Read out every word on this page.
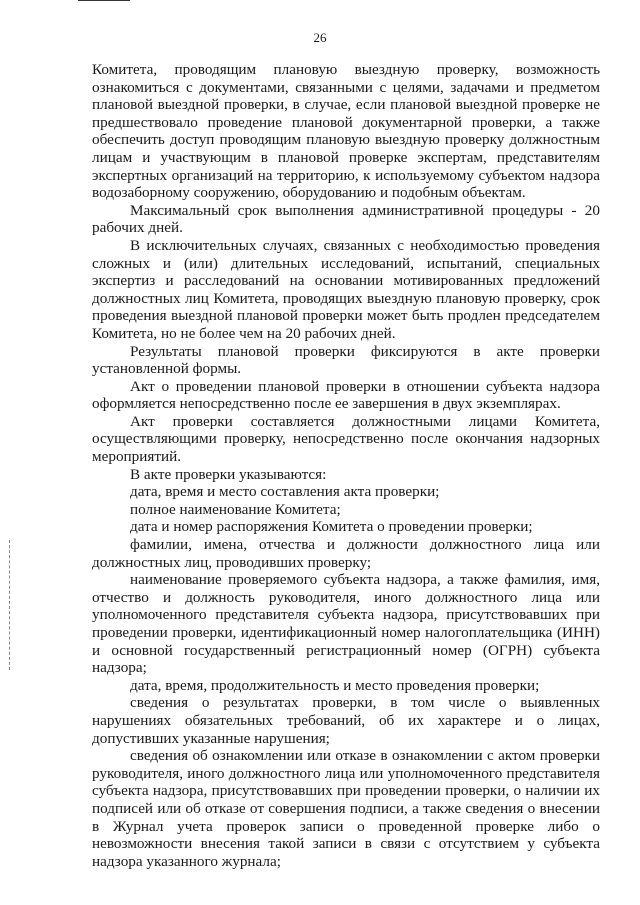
26

Комитета, проводящим плановую выездную проверку, возможность ознакомиться с документами, связанными с целями, задачами и предметом плановой выездной проверки, в случае, если плановой выездной проверке не предшествовало проведение плановой документарной проверки, а также обеспечить доступ проводящим плановую выездную проверку должностным лицам и участвующим в плановой проверке экспертам, представителям экспертных организаций на территорию, к используемому субъектом надзора водозаборному сооружению, оборудованию и подобным объектам.

Максимальный срок выполнения административной процедуры - 20 рабочих дней.

В исключительных случаях, связанных с необходимостью проведения сложных и (или) длительных исследований, испытаний, специальных экспертиз и расследований на основании мотивированных предложений должностных лиц Комитета, проводящих выездную плановую проверку, срок проведения выездной плановой проверки может быть продлен председателем Комитета, но не более чем на 20 рабочих дней.

Результаты плановой проверки фиксируются в акте проверки установленной формы.

Акт о проведении плановой проверки в отношении субъекта надзора оформляется непосредственно после ее завершения в двух экземплярах.

Акт проверки составляется должностными лицами Комитета, осуществляющими проверку, непосредственно после окончания надзорных мероприятий.

В акте проверки указываются:

дата, время и место составления акта проверки;

полное наименование Комитета;

дата и номер распоряжения Комитета о проведении проверки;

фамилии, имена, отчества и должности должностного лица или должностных лиц, проводивших проверку;

наименование проверяемого субъекта надзора, а также фамилия, имя, отчество и должность руководителя, иного должностного лица или уполномоченного представителя субъекта надзора, присутствовавших при проведении проверки, идентификационный номер налогоплательщика (ИНН) и основной государственный регистрационный номер (ОГРН) субъекта надзора;

дата, время, продолжительность и место проведения проверки;

сведения о результатах проверки, в том числе о выявленных нарушениях обязательных требований, об их характере и о лицах, допустивших указанные нарушения;

сведения об ознакомлении или отказе в ознакомлении с актом проверки руководителя, иного должностного лица или уполномоченного представителя субъекта надзора, присутствовавших при проведении проверки, о наличии их подписей или об отказе от совершения подписи, а также сведения о внесении в Журнал учета проверок записи о проведенной проверке либо о невозможности внесения такой записи в связи с отсутствием у субъекта надзора указанного журнала;
